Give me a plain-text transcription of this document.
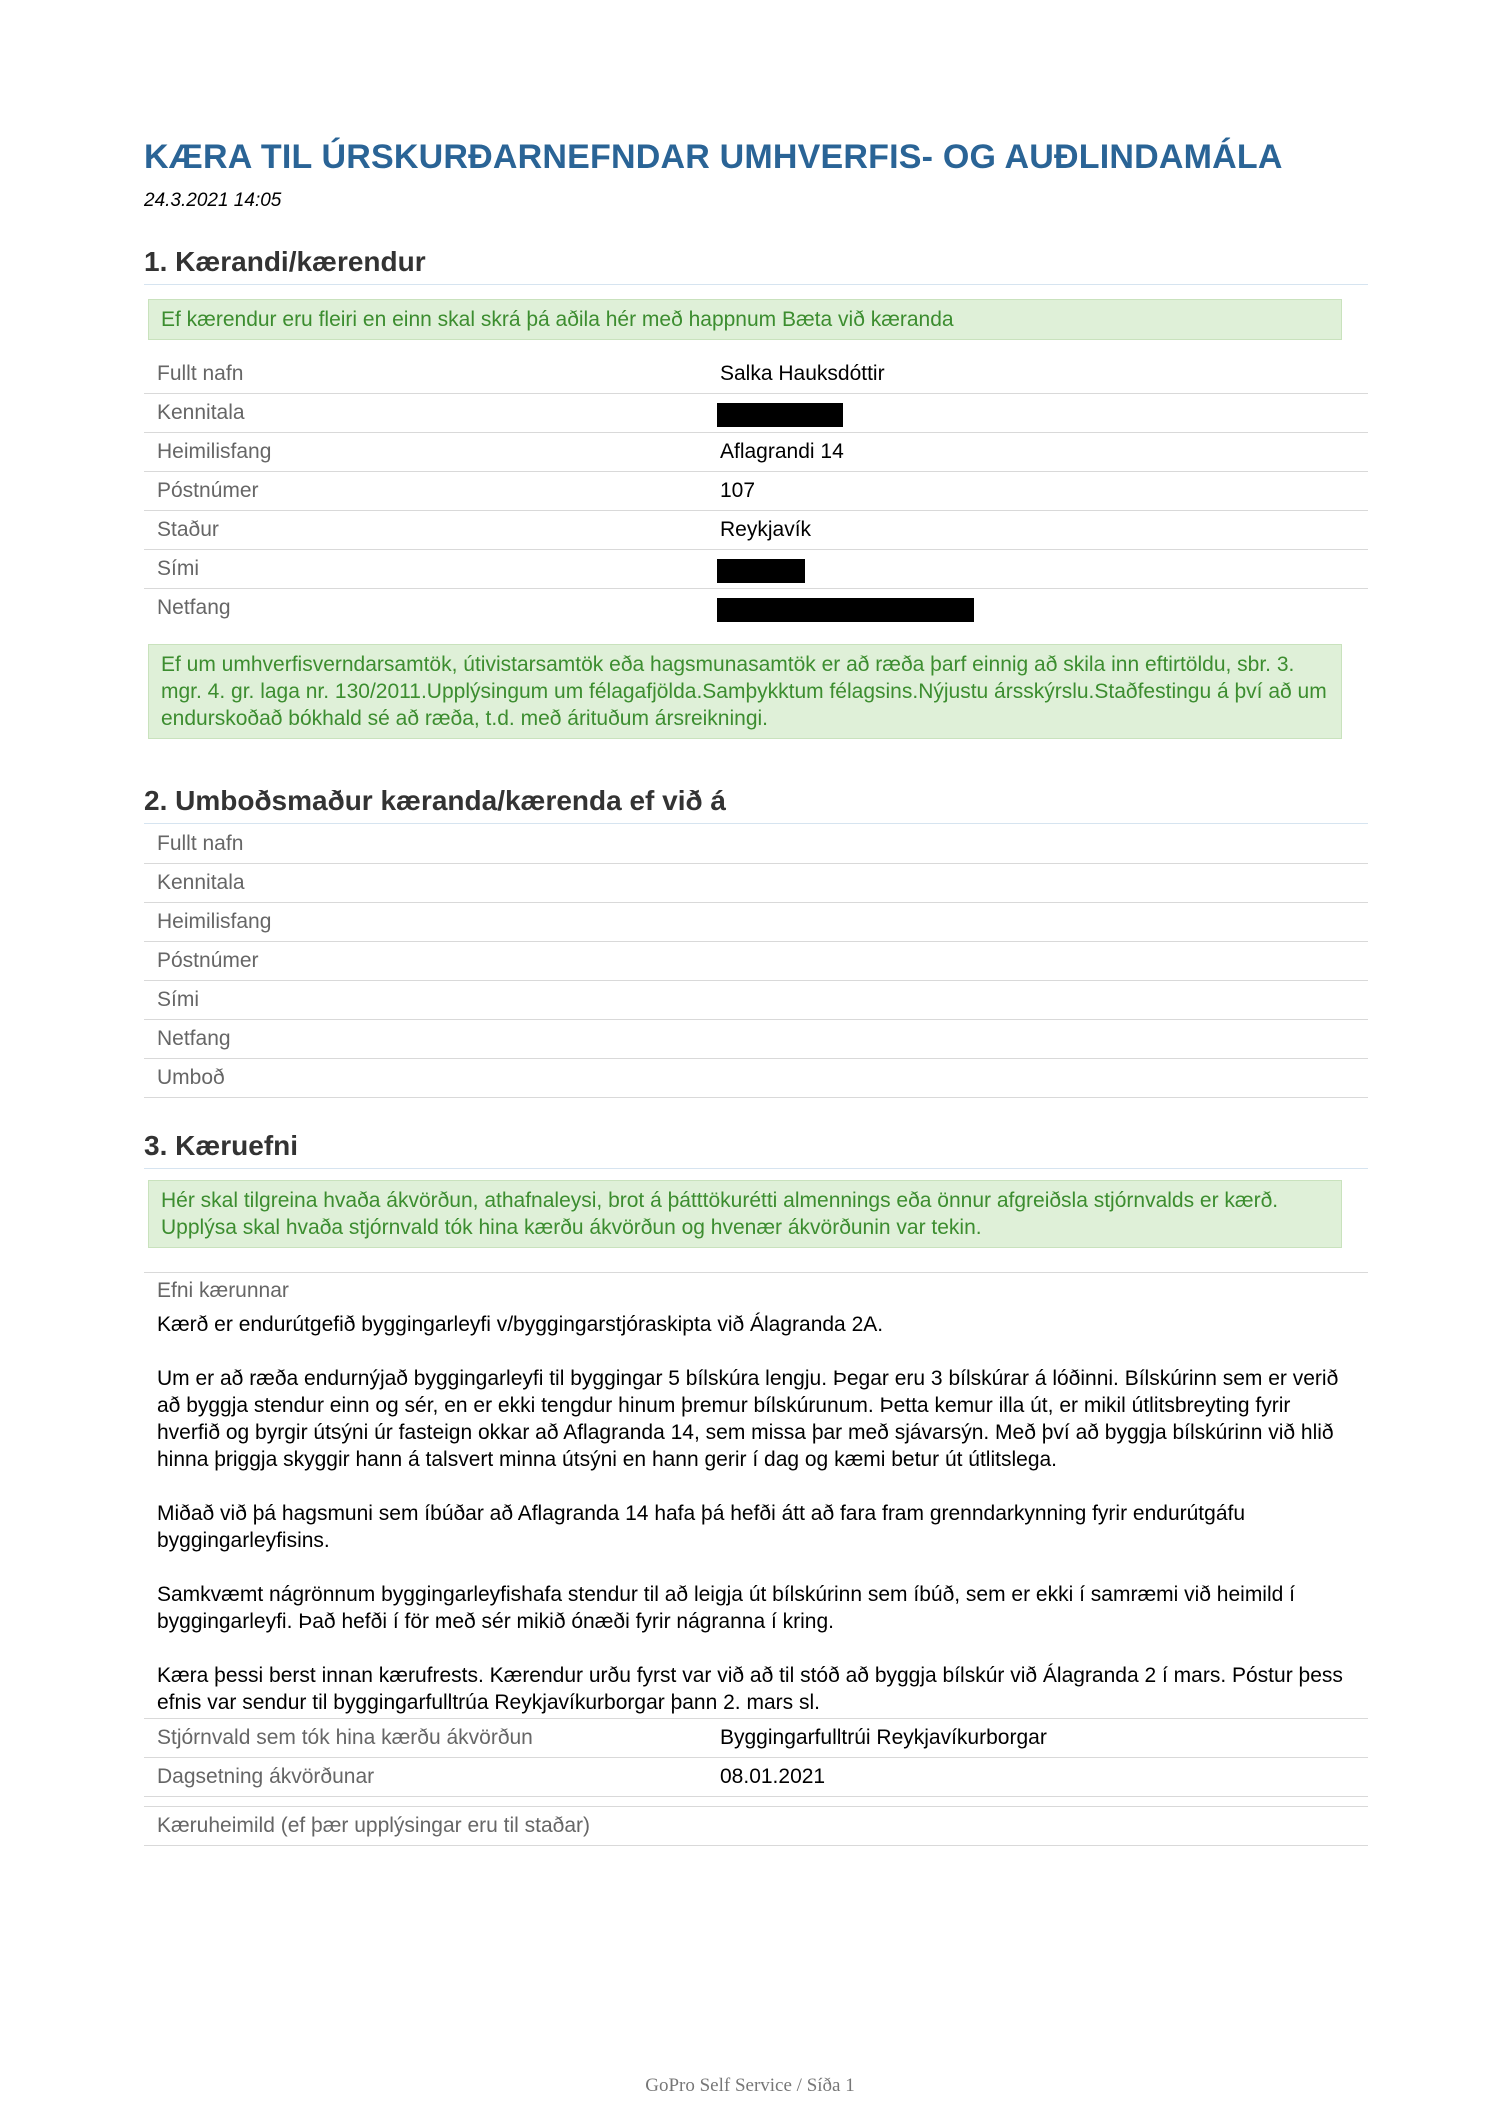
KÆRA TIL ÚRSKURÐARNEFNDAR UMHVERFIS- OG AUÐLINDAMÁLA
24.3.2021 14:05
1. Kærandi/kærendur
Ef kærendur eru fleiri en einn skal skrá þá aðila hér með happnum Bæta við kæranda
Fullt nafn	Salka Hauksdóttir
Kennitala
Heimilisfang	Aflagrandi 14
Póstnúmer	107
Staður	Reykjavík
Sími
Netfang
Ef um umhverfisverndarsamtök, útivistarsamtök eða hagsmunasamtök er að ræða þarf einnig að skila inn eftirtöldu, sbr. 3. mgr. 4. gr. laga nr. 130/2011.Upplýsingum um félagafjölda.Samþykktum félagsins.Nýjustu ársskýrslu.Staðfestingu á því að um endurskoðað bókhald sé að ræða, t.d. með árituðum ársreikningi.
2. Umboðsmaður kæranda/kærenda ef við á
Fullt nafn
Kennitala
Heimilisfang
Póstnúmer
Sími
Netfang
Umboð
3. Kæruefni
Hér skal tilgreina hvaða ákvörðun, athafnaleysi, brot á þátttökurétti almennings eða önnur afgreiðsla stjórnvalds er kærð. Upplýsa skal hvaða stjórnvald tók hina kærðu ákvörðun og hvenær ákvörðunin var tekin.
Efni kærunnar

Kærð er endurútgefið byggingarleyfi v/byggingarstjóraskipta við Álagranda 2A.

Um er að ræða endurnýjað byggingarleyfi til byggingar 5 bílskúra lengju. Þegar eru 3 bílskúrar á lóðinni. Bílskúrinn sem er verið að byggja stendur einn og sér, en er ekki tengdur hinum þremur bílskúrunum. Þetta kemur illa út, er mikil útlitsbreyting fyrir hverfið og byrgir útsýni úr fasteign okkar að Aflagranda 14, sem missa þar með sjávarsýn. Með því að byggja bílskúrinn við hlið hinna þriggja skyggir hann á talsvert minna útsýni en hann gerir í dag og kæmi betur út útlitslega.

Miðað við þá hagsmuni sem íbúðar að Aflagranda 14 hafa þá hefði átt að fara fram grenndarkynning fyrir endurútgáfu byggingarleyfisins.

Samkvæmt nágrönnum byggingarleyfishafa stendur til að leigja út bílskúrinn sem íbúð, sem er ekki í samræmi við heimild í byggingarleyfi. Það hefði í för með sér mikið ónæði fyrir nágranna í kring.

Kæra þessi berst innan kærufrests. Kærendur urðu fyrst var við að til stóð að byggja bílskúr við Álagranda 2 í mars. Póstur þess efnis var sendur til byggingarfulltrúa Reykjavíkurborgar þann 2. mars sl.

Stjórnvald sem tók hina kærðu ákvörðun	Byggingarfulltrúi Reykjavíkurborgar
Dagsetning ákvörðunar	08.01.2021
Kæruheimild (ef þær upplýsingar eru til staðar)
GoPro Self Service / Síða 1
